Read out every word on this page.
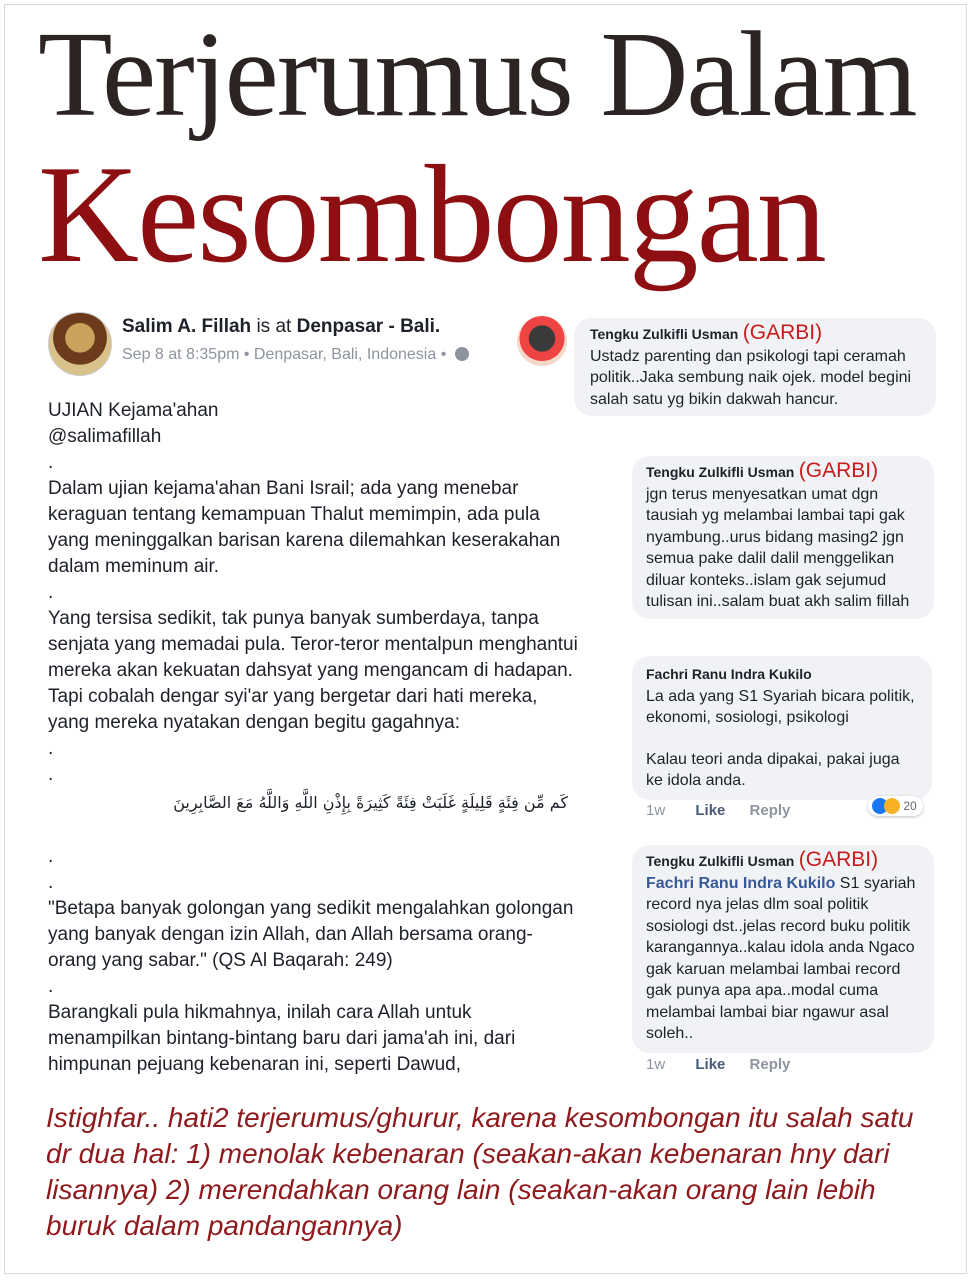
Terjerumus Dalam
Kesombongan
Salim A. Fillah is at Denpasar - Bali.
Sep 8 at 8:35pm • Denpasar, Bali, Indonesia •

UJIAN Kejama'ahan

@salimafillah

.

Dalam ujian kejama'ahan Bani Israil; ada yang menebar keraguan tentang kemampuan Thalut memimpin, ada pula yang meninggalkan barisan karena dilemahkan keserakahan dalam meminum air.

.

Yang tersisa sedikit, tak punya banyak sumberdaya, tanpa senjata yang memadai pula. Teror-teror mentalpun menghantui mereka akan kekuatan dahsyat yang mengancam di hadapan. Tapi cobalah dengar syi'ar yang bergetar dari hati mereka, yang mereka nyatakan dengan begitu gagahnya:

.

.

كَم مِّن فِئَةٍ قَلِيلَةٍ غَلَبَتْ فِئَةً كَثِيرَةً بِإِذْنِ اللَّهِ وَاللَّهُ مَعَ الصَّابِرِينَ

.

.

"Betapa banyak golongan yang sedikit mengalahkan golongan yang banyak dengan izin Allah, dan Allah bersama orang-orang yang sabar." (QS Al Baqarah: 249)

.

Barangkali pula hikmahnya, inilah cara Allah untuk menampilkan bintang-bintang baru dari jama'ah ini, dari himpunan pejuang kebenaran ini, seperti Dawud,

Tengku Zulkifli Usman (GARBI)
Ustadz parenting dan psikologi tapi ceramah politik..Jaka sembung naik ojek. model begini salah satu yg bikin dakwah hancur.
Tengku Zulkifli Usman (GARBI)
jgn terus menyesatkan umat dgn tausiah yg melambai lambai tapi gak nyambung..urus bidang masing2 jgn semua pake dalil dalil menggelikan diluar konteks..islam gak sejumud tulisan ini..salam buat akh salim fillah
Fachri Ranu Indra Kukilo
La ada yang S1 Syariah bicara politik, ekonomi, sosiologi, psikologi
Kalau teori anda dipakai, pakai juga ke idola anda.
20
1w Like Reply
Tengku Zulkifli Usman (GARBI)
Fachri Ranu Indra Kukilo S1 syariah record nya jelas dlm soal politik sosiologi dst..jelas record buku politik karangannya..kalau idola anda Ngaco gak karuan melambai lambai record gak punya apa apa..modal cuma melambai lambai biar ngawur asal soleh..
1w Like Reply
Istighfar.. hati2 terjerumus/ghurur, karena kesombongan itu salah satu dr dua hal: 1) menolak kebenaran (seakan-akan kebenaran hny dari lisannya) 2) merendahkan orang lain (seakan-akan orang lain lebih buruk dalam pandangannya)
